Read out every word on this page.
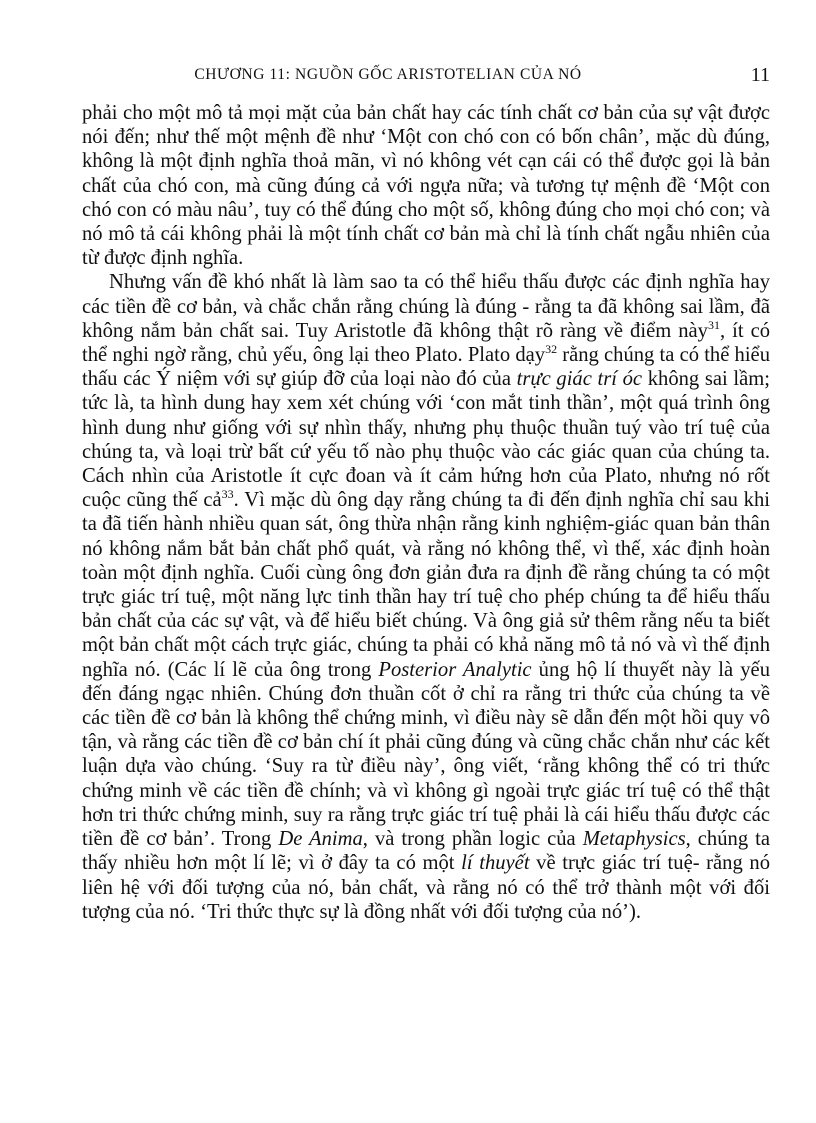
CHƯƠNG 11: NGUỒN GỐC ARISTOTELIAN CỦA NÓ	11

phải cho một mô tả mọi mặt của bản chất hay các tính chất cơ bản của sự vật được nói đến; như thế một mệnh đề như ‘Một con chó con có bốn chân’, mặc dù đúng, không là một định nghĩa thoả mãn, vì nó không vét cạn cái có thể được gọi là bản chất của chó con, mà cũng đúng cả với ngựa nữa; và tương tự mệnh đề ‘Một con chó con có màu nâu’, tuy có thể đúng cho một số, không đúng cho mọi chó con; và nó mô tả cái không phải là một tính chất cơ bản mà chỉ là tính chất ngẫu nhiên của từ được định nghĩa.

Nhưng vấn đề khó nhất là làm sao ta có thể hiểu thấu được các định nghĩa hay các tiền đề cơ bản, và chắc chắn rằng chúng là đúng - rằng ta đã không sai lầm, đã không nắm bản chất sai. Tuy Aristotle đã không thật rõ ràng về điểm này$^{31}$, ít có thể nghi ngờ rằng, chủ yếu, ông lại theo Plato. Plato dạy$^{32}$ rằng chúng ta có thể hiểu thấu các Ý niệm với sự giúp đỡ của loại nào đó của trực giác trí óc không sai lầm; tức là, ta hình dung hay xem xét chúng với ‘con mắt tinh thần’, một quá trình ông hình dung như giống với sự nhìn thấy, nhưng phụ thuộc thuần tuý vào trí tuệ của chúng ta, và loại trừ bất cứ yếu tố nào phụ thuộc vào các giác quan của chúng ta. Cách nhìn của Aristotle ít cực đoan và ít cảm hứng hơn của Plato, nhưng nó rốt cuộc cũng thế cả$^{33}$. Vì mặc dù ông dạy rằng chúng ta đi đến định nghĩa chỉ sau khi ta đã tiến hành nhiều quan sát, ông thừa nhận rằng kinh nghiệm-giác quan bản thân nó không nắm bắt bản chất phổ quát, và rằng nó không thể, vì thế, xác định hoàn toàn một định nghĩa. Cuối cùng ông đơn giản đưa ra định đề rằng chúng ta có một trực giác trí tuệ, một năng lực tinh thần hay trí tuệ cho phép chúng ta để hiểu thấu bản chất của các sự vật, và để hiểu biết chúng. Và ông giả sử thêm rằng nếu ta biết một bản chất một cách trực giác, chúng ta phải có khả năng mô tả nó và vì thế định nghĩa nó. (Các lí lẽ của ông trong Posterior Analytic ủng hộ lí thuyết này là yếu đến đáng ngạc nhiên. Chúng đơn thuần cốt ở chỉ ra rằng tri thức của chúng ta về các tiền đề cơ bản là không thể chứng minh, vì điều này sẽ dẫn đến một hồi quy vô tận, và rằng các tiền đề cơ bản chí ít phải cũng đúng và cũng chắc chắn như các kết luận dựa vào chúng. ‘Suy ra từ điều này’, ông viết, ‘rằng không thể có tri thức chứng minh về các tiền đề chính; và vì không gì ngoài trực giác trí tuệ có thể thật hơn tri thức chứng minh, suy ra rằng trực giác trí tuệ phải là cái hiểu thấu được các tiền đề cơ bản’. Trong De Anima, và trong phần logic của Metaphysics, chúng ta thấy nhiều hơn một lí lẽ; vì ở đây ta có một lí thuyết về trực giác trí tuệ- rằng nó liên hệ với đối tượng của nó, bản chất, và rằng nó có thể trở thành một với đối tượng của nó. ‘Tri thức thực sự là đồng nhất với đối tượng của nó’).
